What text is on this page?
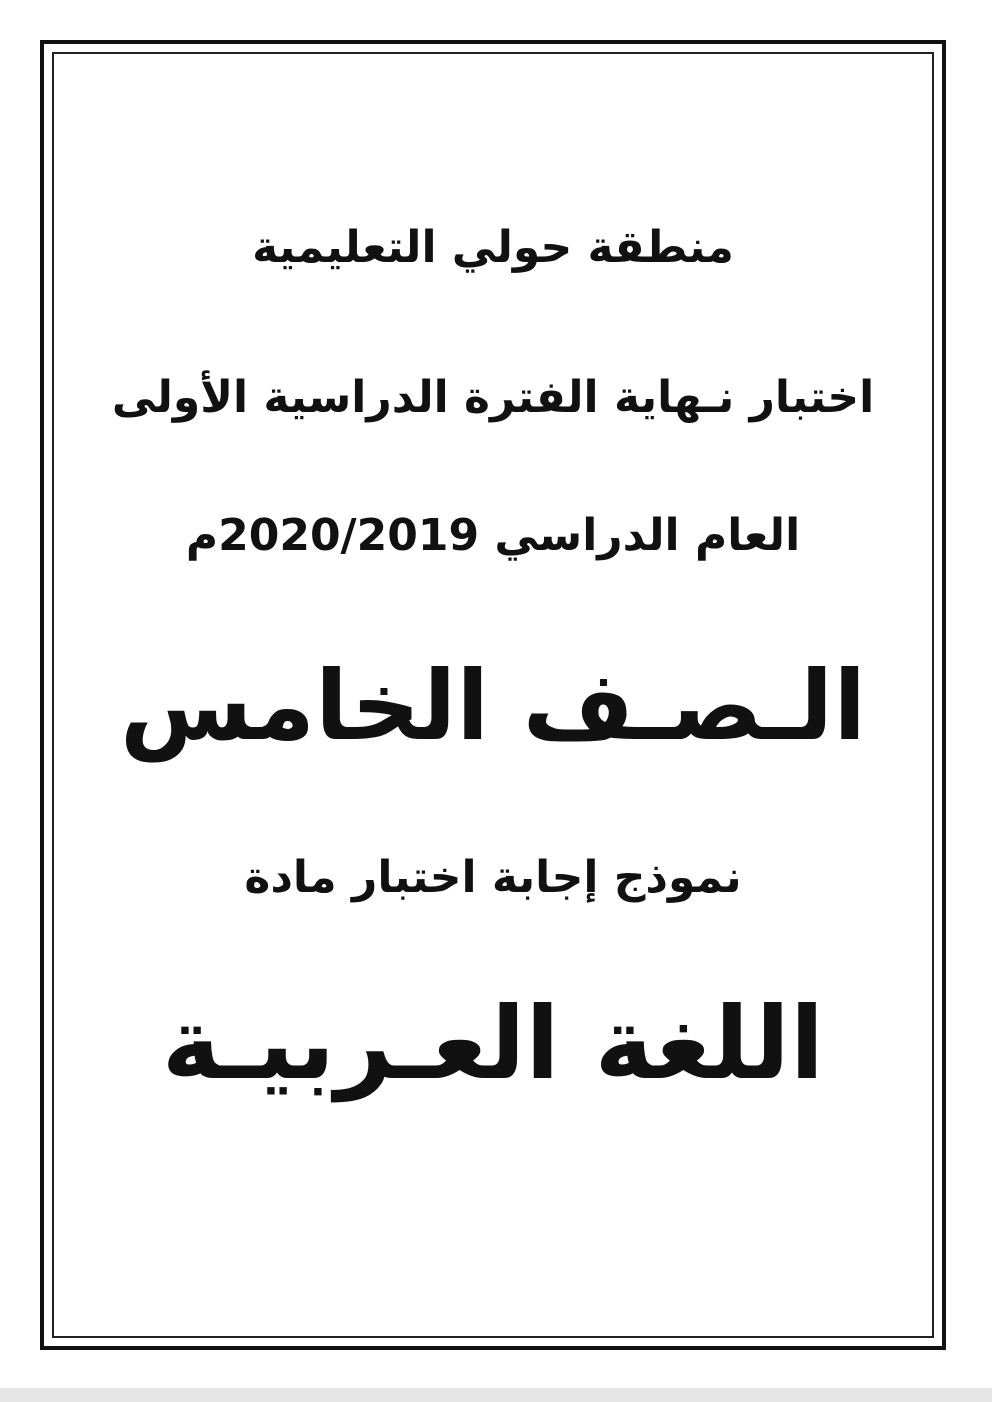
منطقة حولي التعليمية
اختبار نـهاية الفترة الدراسية الأولى
العام الدراسي 2020/2019م
الـصـف الخامس
نموذج إجابة اختبار مادة
اللغة العـربيـة
